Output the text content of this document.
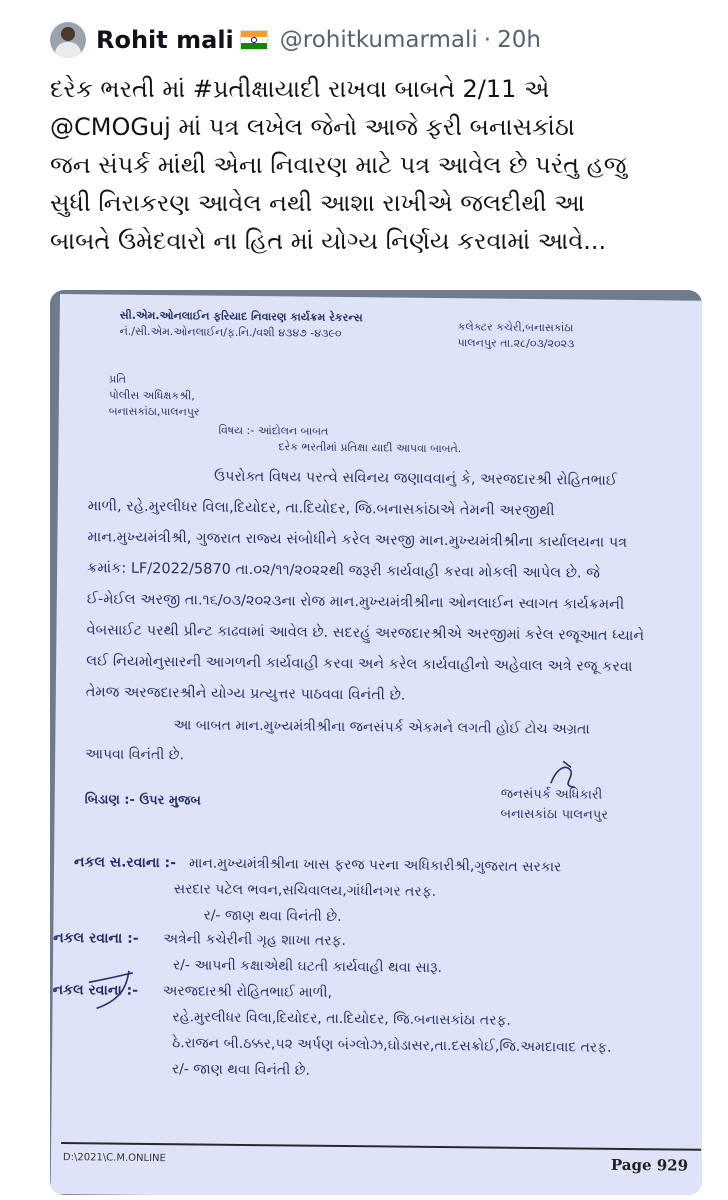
Rohit mali @rohitkumarmali · 20h
દરેક ભરતી માં #પ્રતીક્ષાયાદી રાખવા બાબતે 2/11 એ
@CMOGuj માં પત્ર લખેલ જેનો આજે ફરી બનાસકાંઠા
જન સંપર્ક માંથી એના નિવારણ માટે પત્ર આવેલ છે પરંતુ હજુ
સુધી નિરાકરણ આવેલ નથી આશા રાખીએ જલદીથી આ
બાબતે ઉમેદવારો ના હિત માં યોગ્ય નિર્ણય કરવામાં આવે...
સી.એમ.ઓનલાઈન ફરિયાદ નિવારણ કાર્યક્રમ રેકરન્સ
નં./સી.એમ.ઓનલાઈન/ફ.નિ./વશી ૪૩૪૭ -૪૩૯૦	કલેક્ટર કચેરી,બનાસકાંઠા
પાલનપુર તા.૨૮/૦૩/૨૦૨૩
પ્રતિ
પોલીસ અધિક્ષકશ્રી,
બનાસકાંઠા,પાલનપુર
વિષય :- આંદોલન બાબત
દરેક ભરતીમાં પ્રતિક્ષા યાદી આપવા બાબતે.
ઉપરોક્ત વિષય પરત્વે સવિનય જણાવવાનું કે, અરજદારશ્રી રોહિતભાઈ
માળી, રહે.મુરલીધર વિલા,દિયોદર, તા.દિયોદર, જિ.બનાસકાંઠાએ તેમની અરજીથી
માન.મુખ્યમંત્રીશ્રી, ગુજરાત રાજ્ય સંબોધીને કરેલ અરજી માન.મુખ્યમંત્રીશ્રીના કાર્યાલયના પત્ર
ક્રમાંક: LF/2022/5870 તા.૦૨/૧૧/૨૦૨૨થી જરૂરી કાર્યવાહી કરવા મોકલી આપેલ છે. જે
ઈ-મેઈલ અરજી તા.૧૬/૦૩/૨૦૨૩ના રોજ માન.મુખ્યમંત્રીશ્રીના ઓનલાઈન સ્વાગત કાર્યક્રમની
વેબસાઈટ પરથી પ્રીન્ટ કાઢવામાં આવેલ છે. સદરહું અરજદારશ્રીએ અરજીમાં કરેલ રજૂઆત ધ્યાને
લઈ નિયમોનુસારની આગળની કાર્યવાહી કરવા અને કરેલ કાર્યવાહીનો અહેવાલ અત્રે રજૂ કરવા
તેમજ અરજદારશ્રીને યોગ્ય પ્રત્યુત્તર પાઠવવા વિનંતી છે.
આ બાબત માન.મુખ્યમંત્રીશ્રીના જનસંપર્ક એકમને લગતી હોઈ ટોચ અગ્રતા
આપવા વિનંતી છે.
જનસંપર્ક અધિકારી
બનાસકાંઠા પાલનપુર
બિડાણ :- ઉપર મુજબ
નકલ સ.રવાના :- માન.મુખ્યમંત્રીશ્રીના ખાસ ફરજ પરના અધિકારીશ્રી,ગુજરાત સરકાર
સરદાર પટેલ ભવન,સચિવાલય,ગાંધીનગર તરફ.
ર/- જાણ થવા વિનંતી છે.
નકલ રવાના :- અત્રેની કચેરીની ગૃહ શાખા તરફ.
ર/- આપની કક્ષાએથી ઘટતી કાર્યવાહી થવા સારૂ.
નકલ રવાના :- અરજદારશ્રી રોહિતભાઈ માળી,
રહે.મુરલીધર વિલા,દિયોદર, તા.દિયોદર, જિ.બનાસકાંઠા તરફ.
ઠે.રાજન બી.ઠક્કર,૫૨ અર્પણ બંગ્લોઝ,ઘોડાસર,તા.દસક્રોઈ,જિ.અમદાવાદ તરફ.
ર/- જાણ થવા વિનંતી છે.
D:\2021\C.M.ONLINE	Page 929
